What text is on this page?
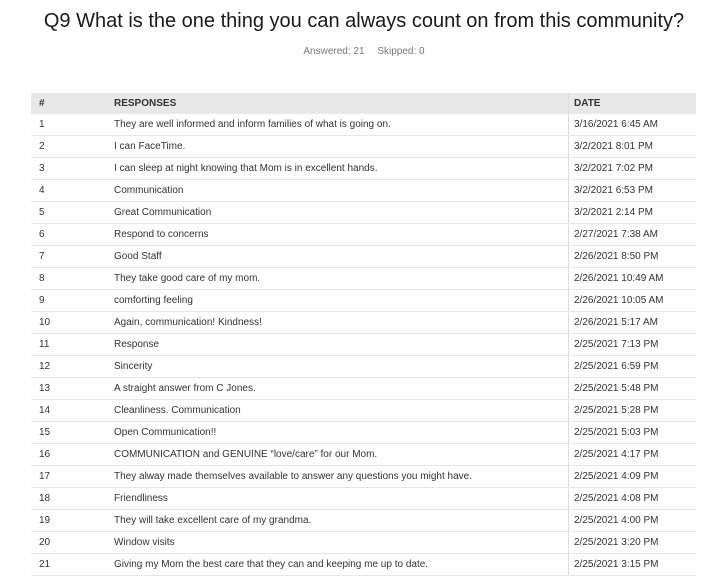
Q9 What is the one thing you can always count on from this community?
Answered: 21 Skipped: 0
#	RESPONSES	DATE
1	They are well informed and inform families of what is going on.	3/16/2021 6:45 AM
2	I can FaceTime.	3/2/2021 8:01 PM
3	I can sleep at night knowing that Mom is in excellent hands.	3/2/2021 7:02 PM
4	Communication	3/2/2021 6:53 PM
5	Great Communication	3/2/2021 2:14 PM
6	Respond to concerns	2/27/2021 7:38 AM
7	Good Staff	2/26/2021 8:50 PM
8	They take good care of my mom.	2/26/2021 10:49 AM
9	comforting feeling	2/26/2021 10:05 AM
10	Again, communication! Kindness!	2/26/2021 5:17 AM
11	Response	2/25/2021 7:13 PM
12	Sincerity	2/25/2021 6:59 PM
13	A straight answer from C Jones.	2/25/2021 5:48 PM
14	Cleanliness. Communication	2/25/2021 5:28 PM
15	Open Communication!!	2/25/2021 5:03 PM
16	COMMUNICATION and GENUINE “love/care” for our Mom.	2/25/2021 4:17 PM
17	They alway made themselves available to answer any questions you might have.	2/25/2021 4:09 PM
18	Friendliness	2/25/2021 4:08 PM
19	They will take excellent care of my grandma.	2/25/2021 4:00 PM
20	Window visits	2/25/2021 3:20 PM
21	Giving my Mom the best care that they can and keeping me up to date.	2/25/2021 3:15 PM
